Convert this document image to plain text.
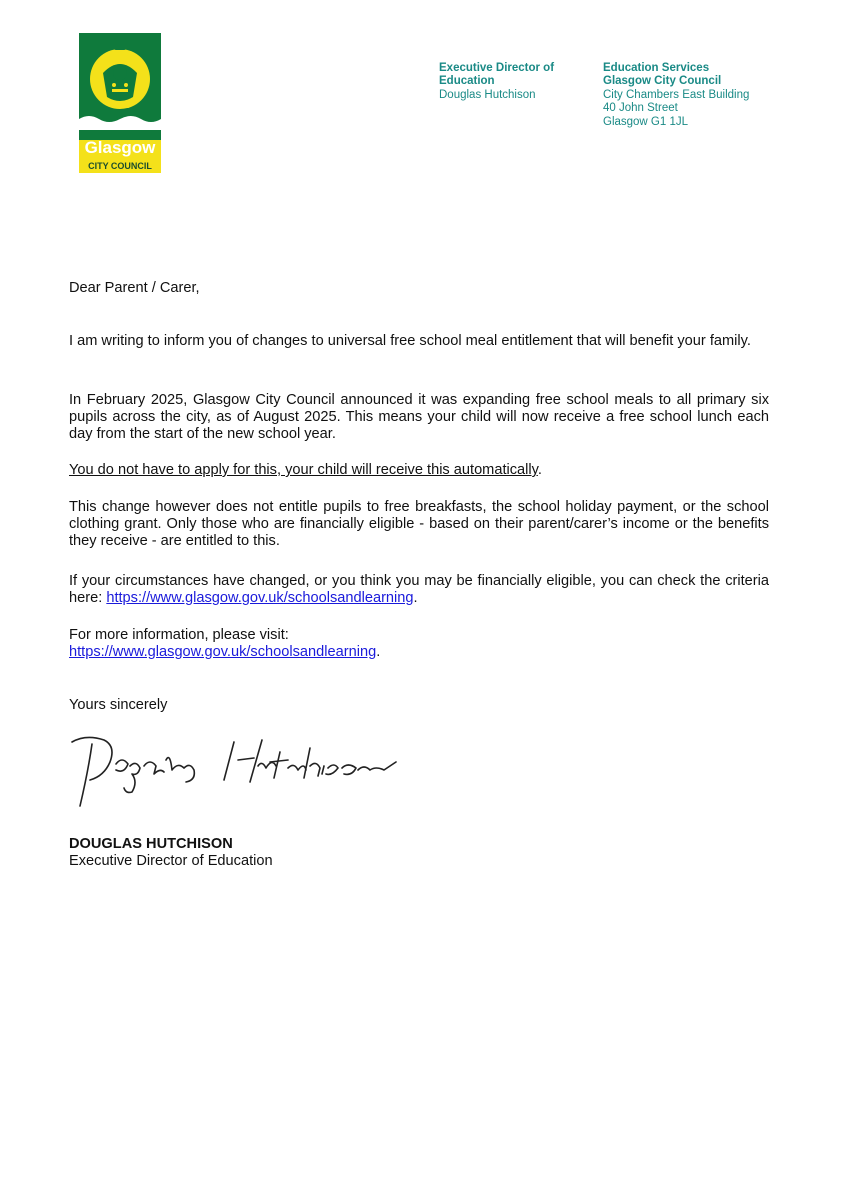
Glasgow
CITY COUNCIL
Executive Director of
Education
Douglas Hutchison
Education Services
Glasgow City Council
City Chambers East Building
40 John Street
Glasgow G1 1JL

Dear Parent / Carer,

I am writing to inform you of changes to universal free school meal entitlement that will benefit your family.

In February 2025, Glasgow City Council announced it was expanding free school meals to all primary six pupils across the city, as of August 2025. This means your child will now receive a free school lunch each day from the start of the new school year.

You do not have to apply for this, your child will receive this automatically.

This change however does not entitle pupils to free breakfasts, the school holiday payment, or the school clothing grant. Only those who are financially eligible - based on their parent/carer’s income or the benefits they receive - are entitled to this.

If your circumstances have changed, or you think you may be financially eligible, you can check the criteria here: https://www.glasgow.gov.uk/schoolsandlearning.

For more information, please visit:
https://www.glasgow.gov.uk/schoolsandlearning.

Yours sincerely

DOUGLAS HUTCHISON

Executive Director of Education
